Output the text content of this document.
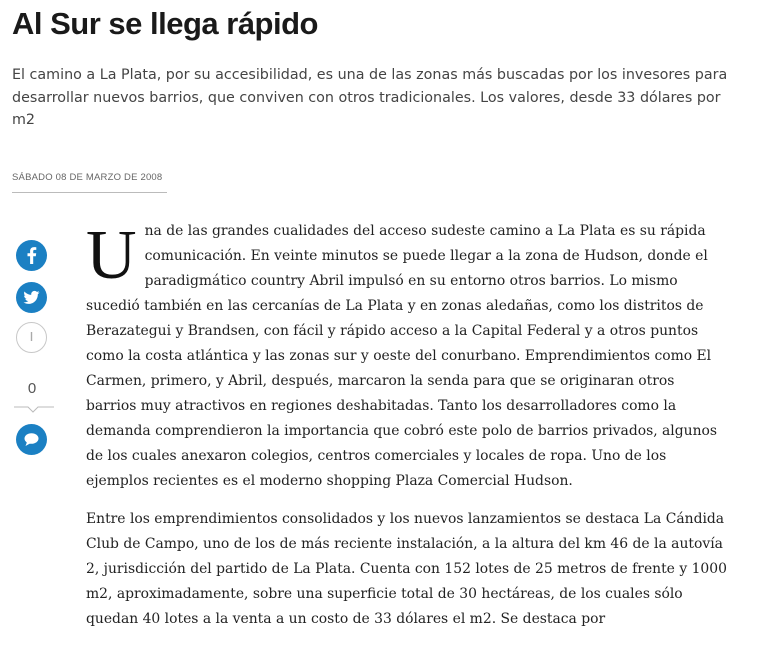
Al Sur se llega rápido

El camino a La Plata, por su accesibilidad, es una de las zonas más buscadas por los invesores para desarrollar nuevos barrios, que conviven con otros tradicionales. Los valores, desde 33 dólares por m2

SÁBADO 08 DE MARZO DE 2008
0

Una de las grandes cualidades del acceso sudeste camino a La Plata es su rápida comunicación. En veinte minutos se puede llegar a la zona de Hudson, donde el paradigmático country Abril impulsó en su entorno otros barrios. Lo mismo sucedió también en las cercanías de La Plata y en zonas aledañas, como los distritos de Berazategui y Brandsen, con fácil y rápido acceso a la Capital Federal y a otros puntos como la costa atlántica y las zonas sur y oeste del conurbano. Emprendimientos como El Carmen, primero, y Abril, después, marcaron la senda para que se originaran otros barrios muy atractivos en regiones deshabitadas. Tanto los desarrolladores como la demanda comprendieron la importancia que cobró este polo de barrios privados, algunos de los cuales anexaron colegios, centros comerciales y locales de ropa. Uno de los ejemplos recientes es el moderno shopping Plaza Comercial Hudson.

Entre los emprendimientos consolidados y los nuevos lanzamientos se destaca La Cándida Club de Campo, uno de los de más reciente instalación, a la altura del km 46 de la autovía 2, jurisdicción del partido de La Plata. Cuenta con 152 lotes de 25 metros de frente y 1000 m2, aproximadamente, sobre una superficie total de 30 hectáreas, de los cuales sólo quedan 40 lotes a la venta a un costo de 33 dólares el m2. Se destaca por
